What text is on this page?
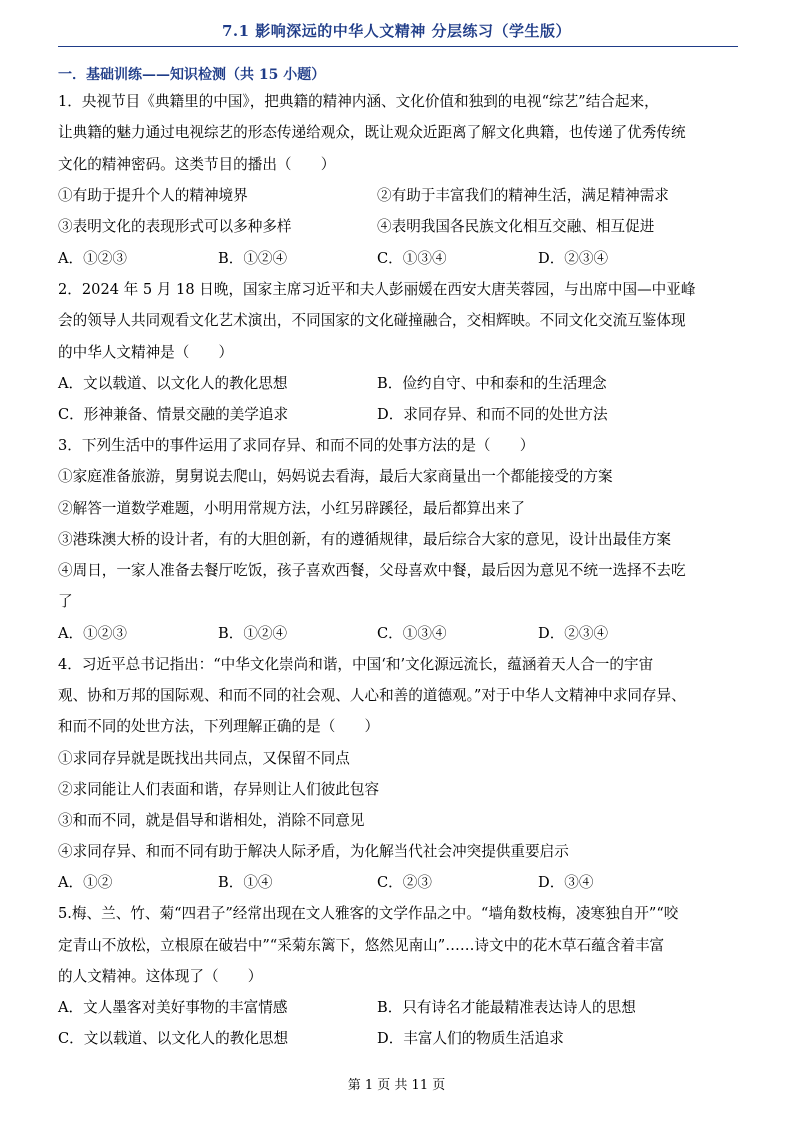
7.1 影响深远的中华人文精神 分层练习（学生版）
一．基础训练——知识检测（共 15 小题）
1．央视节目《典籍里的中国》，把典籍的精神内涵、文化价值和独到的电视“综艺”结合起来，
让典籍的魅力通过电视综艺的形态传递给观众，既让观众近距离了解文化典籍，也传递了优秀传统
文化的精神密码。这类节目的播出（　　）
①有助于提升个人的精神境界	②有助于丰富我们的精神生活，满足精神需求
③表明文化的表现形式可以多种多样	④表明我国各民族文化相互交融、相互促进
A．①②③	B．①②④	C．①③④	D．②③④
2．2024 年 5 月 18 日晚，国家主席习近平和夫人彭丽媛在西安大唐芙蓉园，与出席中国—中亚峰
会的领导人共同观看文化艺术演出，不同国家的文化碰撞融合，交相辉映。不同文化交流互鉴体现
的中华人文精神是（　　）
A．文以载道、以文化人的教化思想	B．俭约自守、中和泰和的生活理念
C．形神兼备、情景交融的美学追求	D．求同存异、和而不同的处世方法
3．下列生活中的事件运用了求同存异、和而不同的处事方法的是（　　）
①家庭准备旅游，舅舅说去爬山，妈妈说去看海，最后大家商量出一个都能接受的方案
②解答一道数学难题，小明用常规方法，小红另辟蹊径，最后都算出来了
③港珠澳大桥的设计者，有的大胆创新，有的遵循规律，最后综合大家的意见，设计出最佳方案
④周日，一家人准备去餐厅吃饭，孩子喜欢西餐，父母喜欢中餐，最后因为意见不统一选择不去吃
了
A．①②③	B．①②④	C．①③④	D．②③④
4．习近平总书记指出：“中华文化崇尚和谐，中国‘和’文化源远流长，蕴涵着天人合一的宇宙
观、协和万邦的国际观、和而不同的社会观、人心和善的道德观。”对于中华人文精神中求同存异、
和而不同的处世方法，下列理解正确的是（　　）
①求同存异就是既找出共同点，又保留不同点
②求同能让人们表面和谐，存异则让人们彼此包容
③和而不同，就是倡导和谐相处，消除不同意见
④求同存异、和而不同有助于解决人际矛盾，为化解当代社会冲突提供重要启示
A．①②	B．①④	C．②③	D．③④
5.梅、兰、竹、菊“四君子”经常出现在文人雅客的文学作品之中。“墙角数枝梅，凌寒独自开”“咬
定青山不放松，立根原在破岩中”“采菊东篱下，悠然见南山”……诗文中的花木草石蕴含着丰富
的人文精神。这体现了（　　）
A．文人墨客对美好事物的丰富情感	B．只有诗名才能最精准表达诗人的思想
C．文以载道、以文化人的教化思想	D．丰富人们的物质生活追求
第 1 页 共 11 页
